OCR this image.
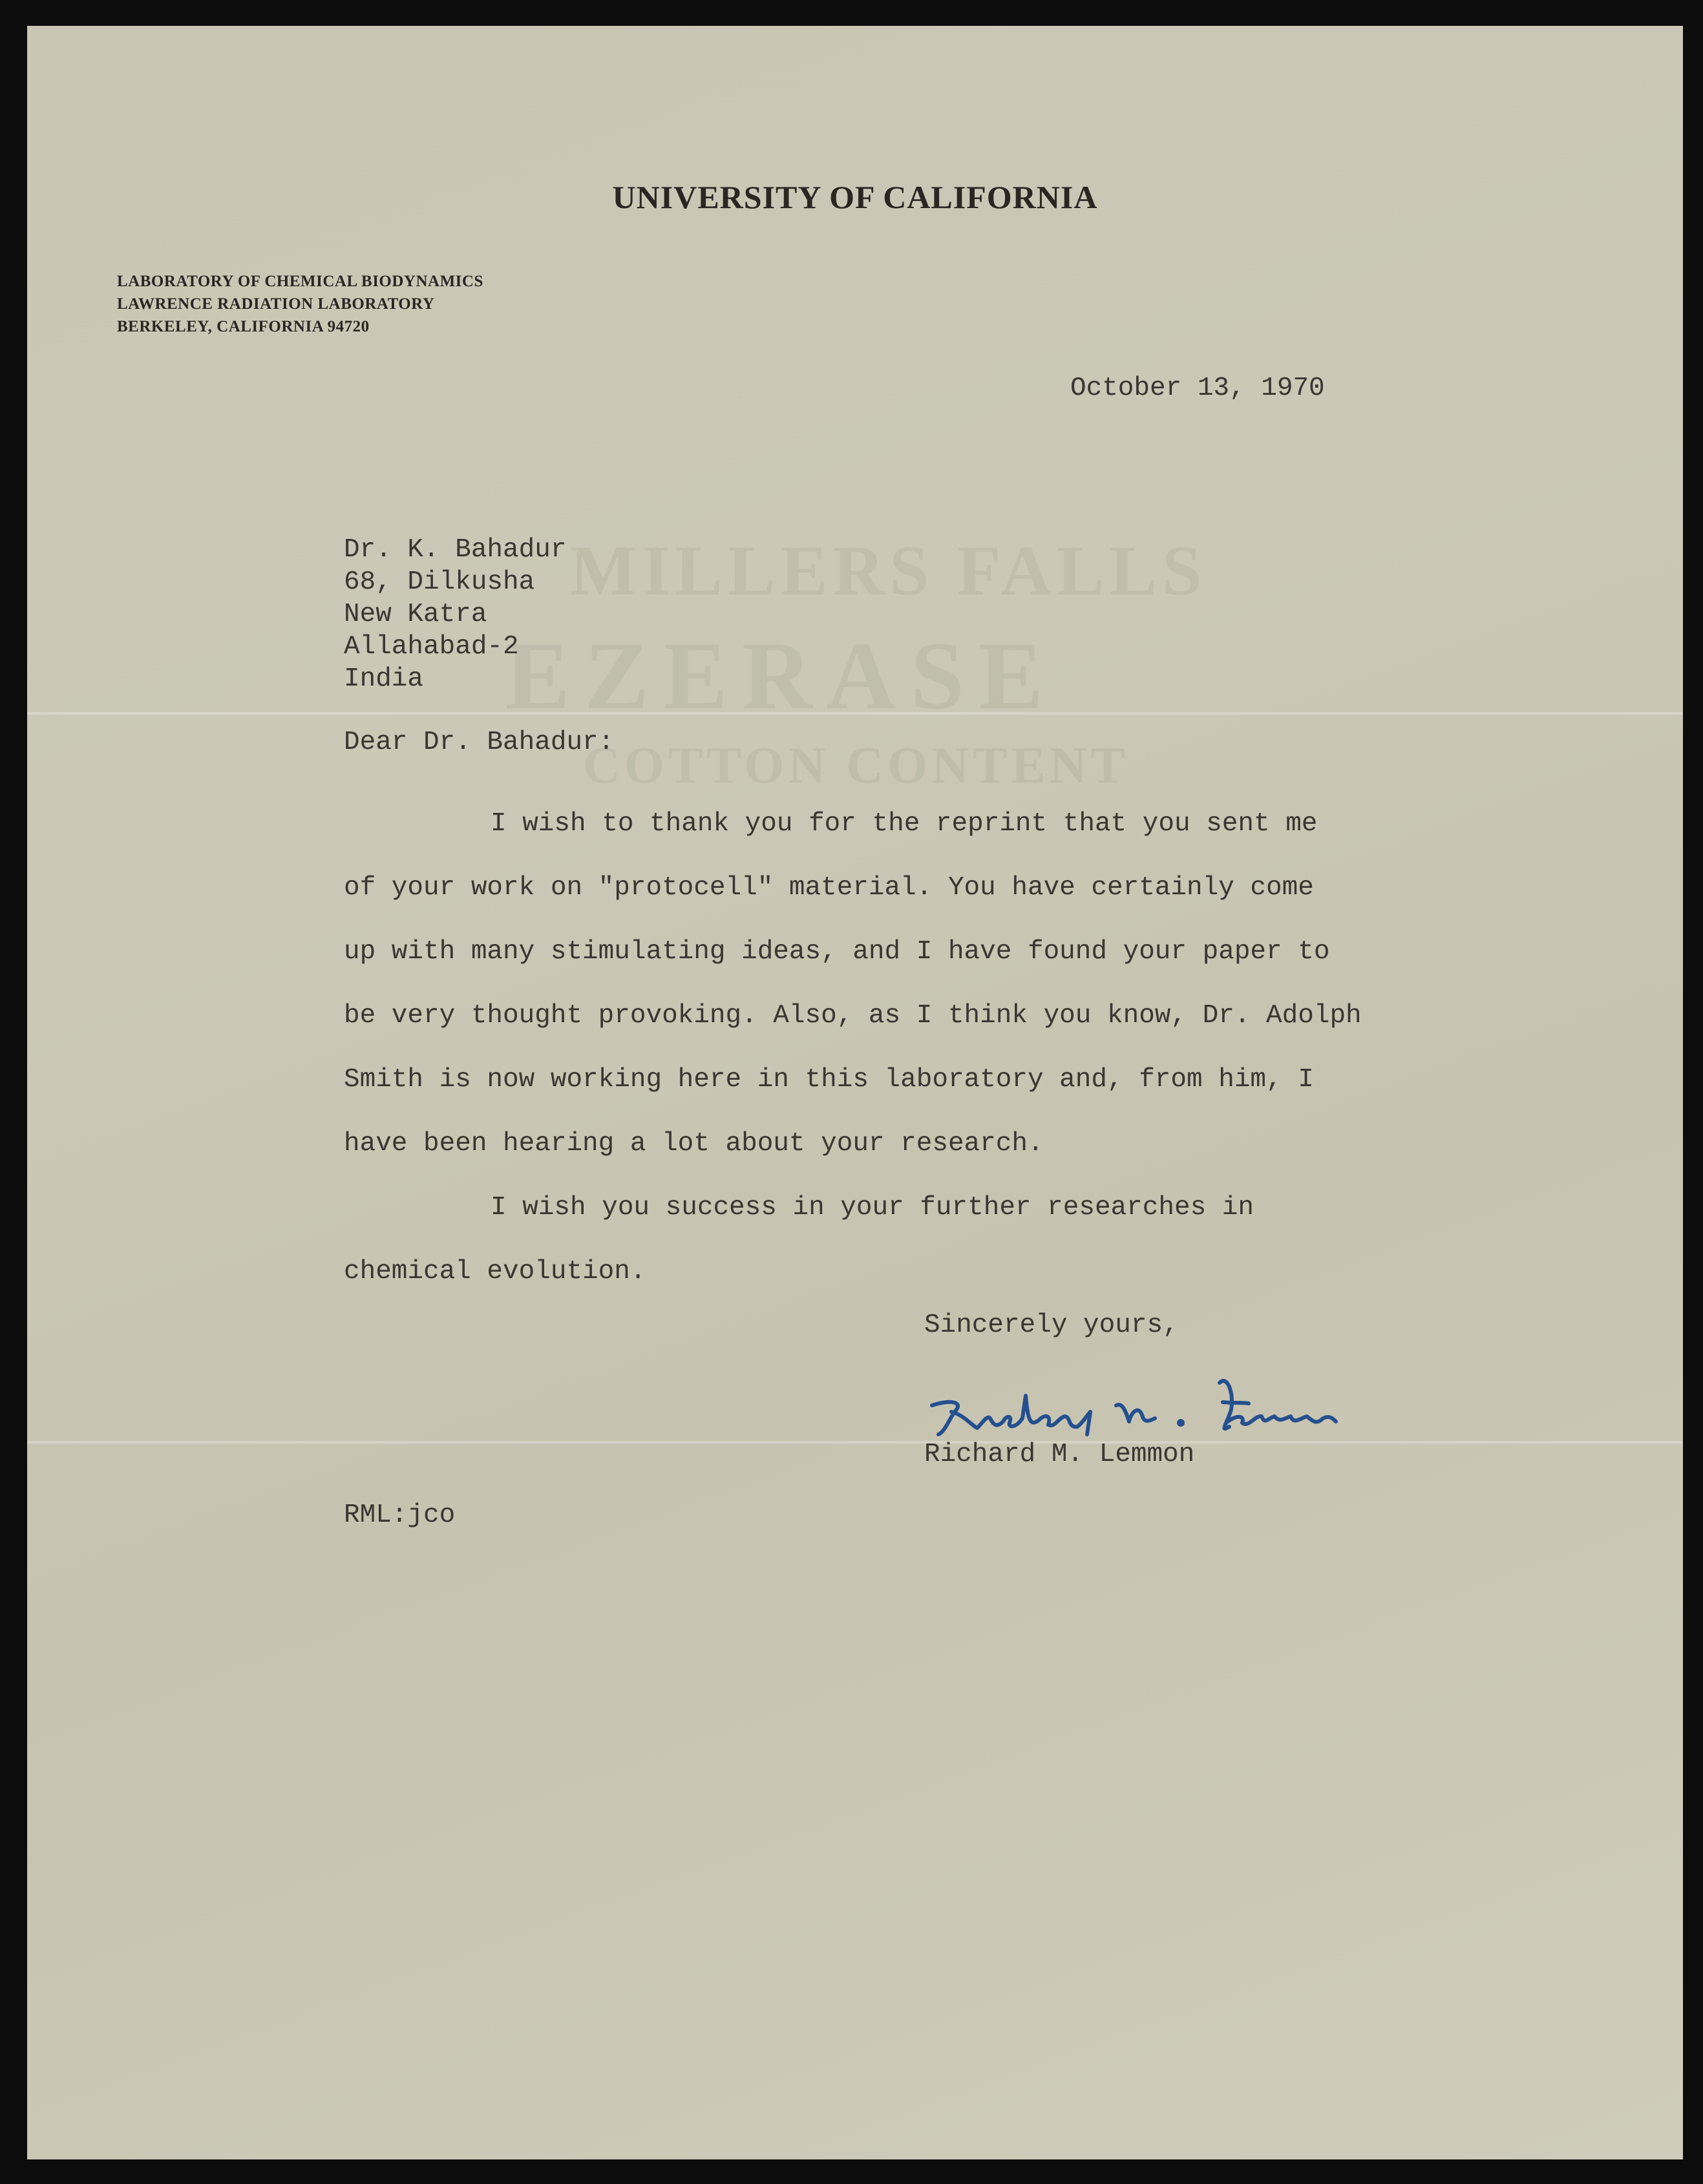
MILLERS FALLS
EZERASE
COTTON CONTENT
UNIVERSITY OF CALIFORNIA
LABORATORY OF CHEMICAL BIODYNAMICS
LAWRENCE RADIATION LABORATORY
BERKELEY, CALIFORNIA 94720
October 13, 1970
Dr. K. Bahadur
68, Dilkusha
New Katra
Allahabad-2
India
Dear Dr. Bahadur:
I wish to thank you for the reprint that you sent me
of your work on "protocell" material. You have certainly come
up with many stimulating ideas, and I have found your paper to
be very thought provoking. Also, as I think you know, Dr. Adolph
Smith is now working here in this laboratory and, from him, I
have been hearing a lot about your research.
I wish you success in your further researches in
chemical evolution.
Sincerely yours,
Richard M. Lemmon
RML:jco
